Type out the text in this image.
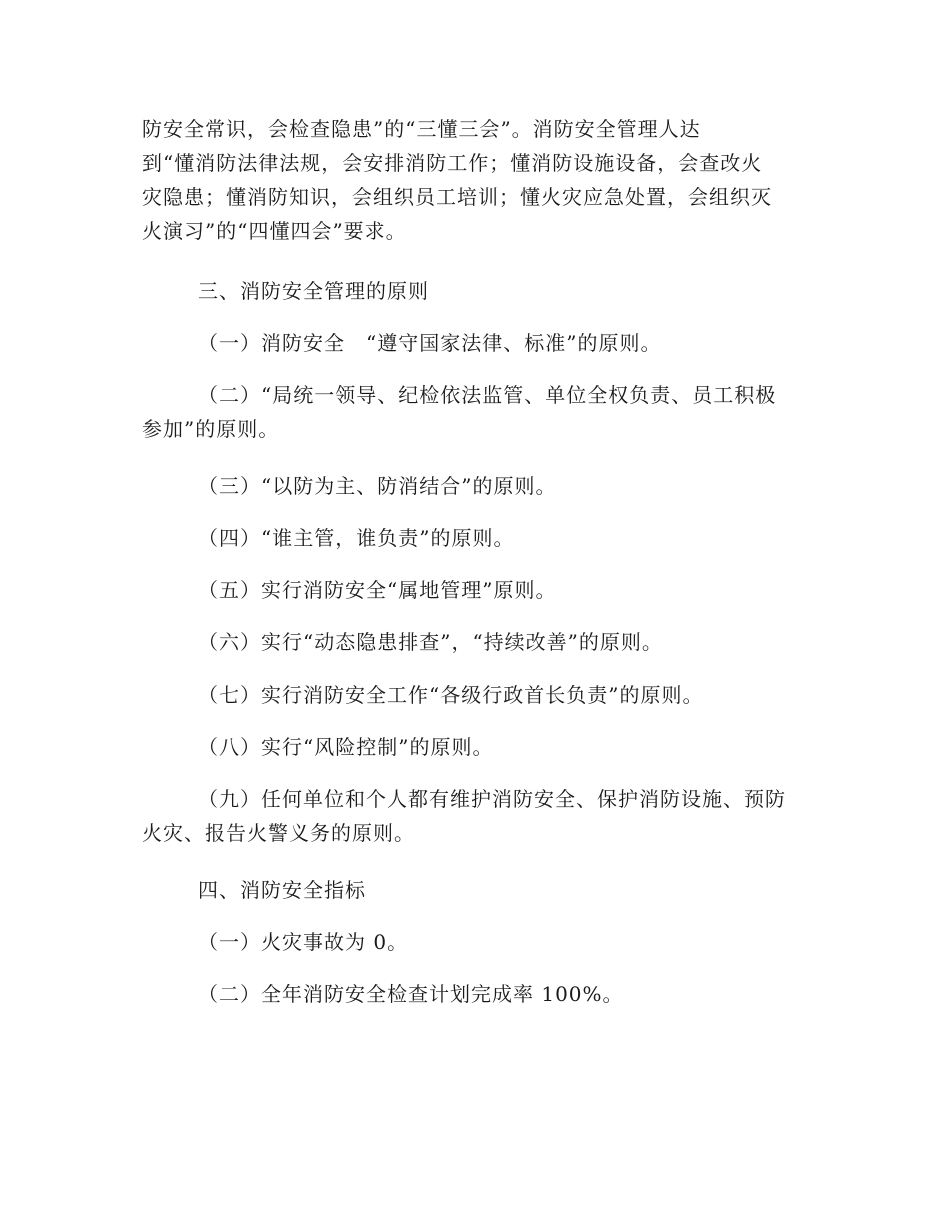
防安全常识，会检查隐患”的“三懂三会”。消防安全管理人达
到“懂消防法律法规，会安排消防工作；懂消防设施设备，会查改火
灾隐患；懂消防知识，会组织员工培训；懂火灾应急处置，会组织灭
火演习”的“四懂四会”要求。
三、消防安全管理的原则
（一）消防安全　“遵守国家法律、标准”的原则。
（二）“局统一领导、纪检依法监管、单位全权负责、员工积极
参加”的原则。
（三）“以防为主、防消结合”的原则。
（四）“谁主管，谁负责”的原则。
（五）实行消防安全“属地管理”原则。
（六）实行“动态隐患排查”，“持续改善”的原则。
（七）实行消防安全工作“各级行政首长负责”的原则。
（八）实行“风险控制”的原则。
（九）任何单位和个人都有维护消防安全、保护消防设施、预防
火灾、报告火警义务的原则。
四、消防安全指标
（一）火灾事故为 0。
（二）全年消防安全检查计划完成率 100%。
